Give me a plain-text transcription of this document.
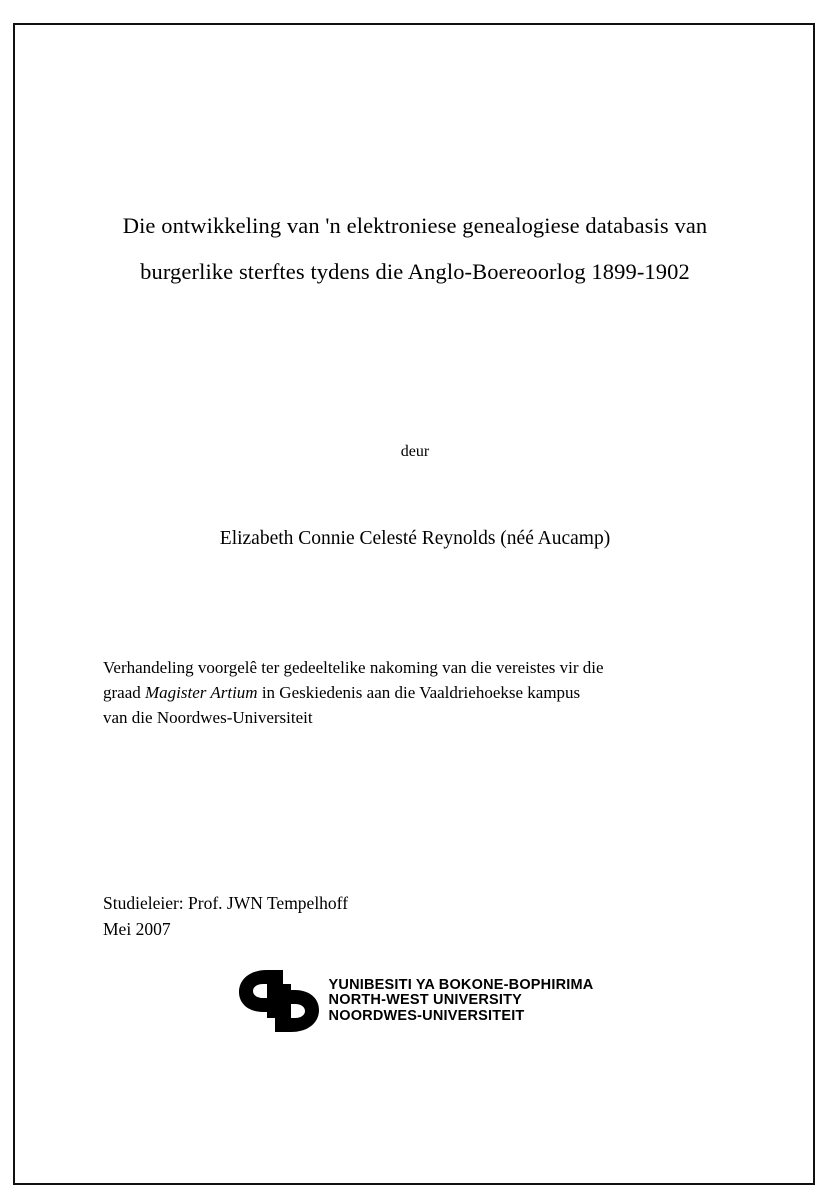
Die ontwikkeling van 'n elektroniese genealogiese databasis van
burgerlike sterftes tydens die Anglo-Boereoorlog 1899-1902
deur
Elizabeth Connie Celesté Reynolds (néé Aucamp)

Verhandeling voorgelê ter gedeeltelike nakoming van die vereistes vir die

graad Magister Artium in Geskiedenis aan die Vaaldriehoekse kampus

van die Noordwes-Universiteit

Studieleier: Prof. JWN Tempelhoff
Mei 2007
YUNIBESITI YA BOKONE-BOPHIRIMA
NORTH-WEST UNIVERSITY
NOORDWES-UNIVERSITEIT
